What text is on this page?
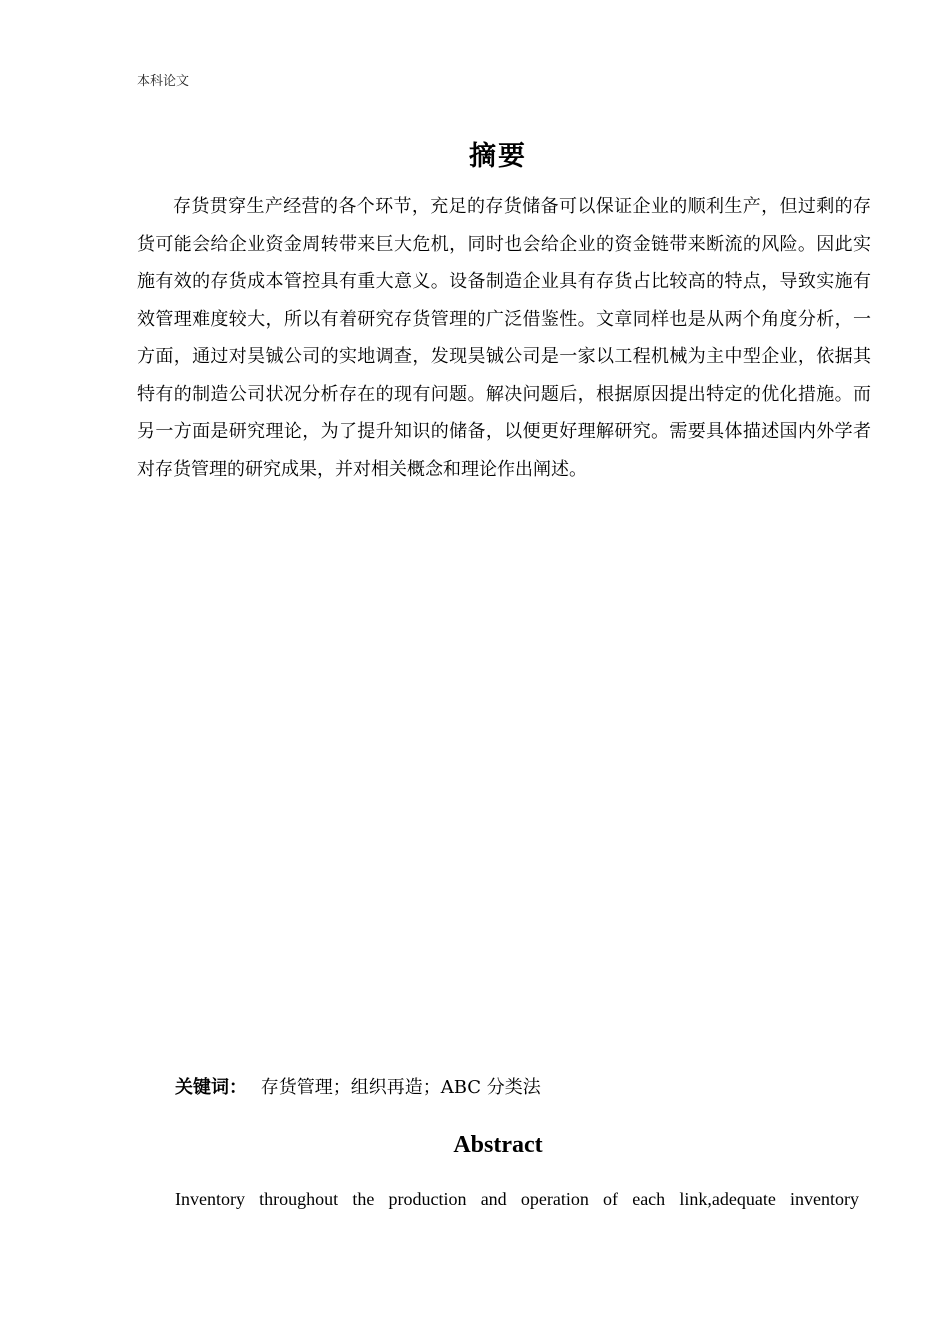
本科论文
摘要
存货贯穿生产经营的各个环节，充足的存货储备可以保证企业的顺利生产，但过剩的存货可能会给企业资金周转带来巨大危机，同时也会给企业的资金链带来断流的风险。因此实施有效的存货成本管控具有重大意义。设备制造企业具有存货占比较高的特点，导致实施有效管理难度较大，所以有着研究存货管理的广泛借鉴性。文章同样也是从两个角度分析，一方面，通过对昊铖公司的实地调查，发现昊铖公司是一家以工程机械为主中型企业，依据其特有的制造公司状况分析存在的现有问题。解决问题后，根据原因提出特定的优化措施。而另一方面是研究理论，为了提升知识的储备，以便更好理解研究。需要具体描述国内外学者对存货管理的研究成果，并对相关概念和理论作出阐述。
关键词： 存货管理；组织再造；ABC 分类法
Abstract
Inventory throughout the production and operation of each link,adequate inventory
